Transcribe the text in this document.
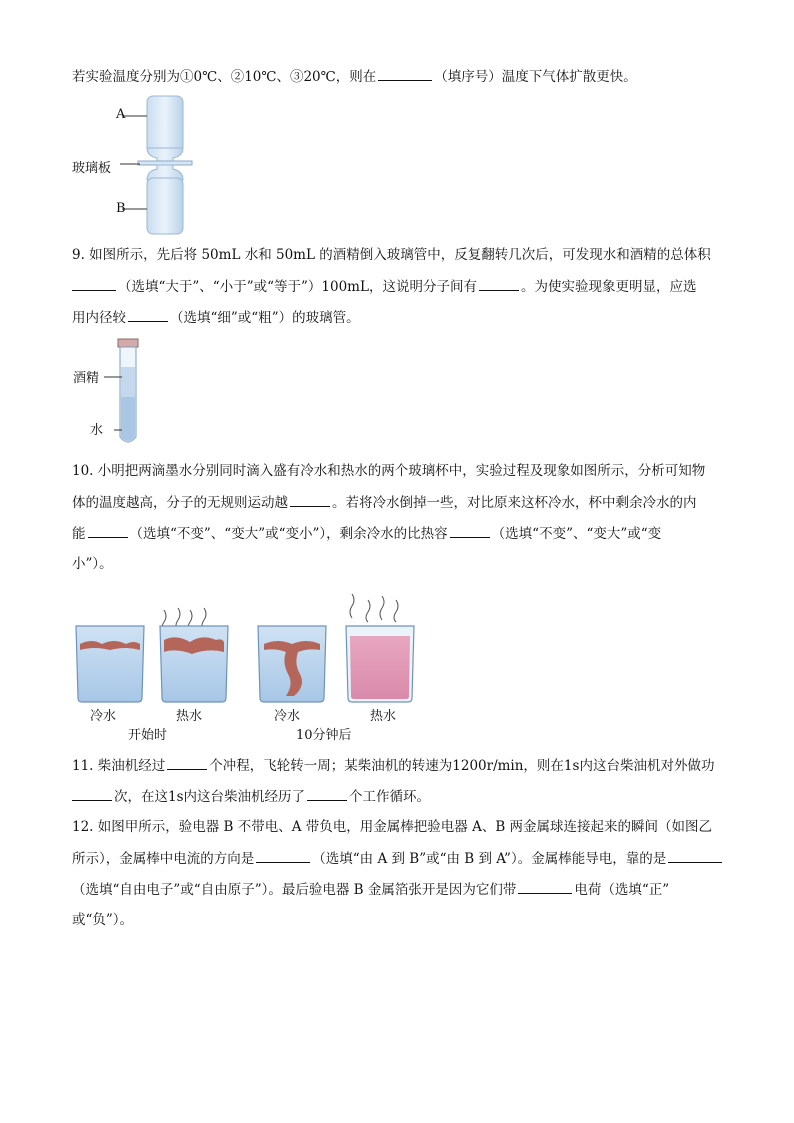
若实验温度分别为①0℃、②10℃、③20℃，则在	（填序号）温度下气体扩散更快。
A
玻璃板
B
9. 如图所示，先后将 50mL 水和 50mL 的酒精倒入玻璃管中，反复翻转几次后，可发现水和酒精的总体积
（选填“大于”、“小于”或“等于”）100mL，这说明分子间有	。为使实验现象更明显，应选
用内径较	（选填“细”或“粗”）的玻璃管。
酒精
水
10. 小明把两滴墨水分别同时滴入盛有冷水和热水的两个玻璃杯中，实验过程及现象如图所示，分析可知物
体的温度越高，分子的无规则运动越	。若将冷水倒掉一些，对比原来这杯冷水，杯中剩余冷水的内
能	（选填“不变”、“变大”或“变小”），剩余冷水的比热容	（选填“不变”、“变大”或“变
小”）。
冷水	热水	冷水	热水
开始时	10分钟后
11. 柴油机经过	个冲程，飞轮转一周；某柴油机的转速为1200r/min，则在1s内这台柴油机对外做功
次，在这1s内这台柴油机经历了	个工作循环。
12. 如图甲所示，验电器 B 不带电、A 带负电，用金属棒把验电器 A、B 两金属球连接起来的瞬间（如图乙
所示），金属棒中电流的方向是	（选填“由 A 到 B”或“由 B 到 A”）。金属棒能导电，靠的是
（选填“自由电子”或“自由原子”）。最后验电器 B 金属箔张开是因为它们带	电荷（选填“正”
或“负”）。
